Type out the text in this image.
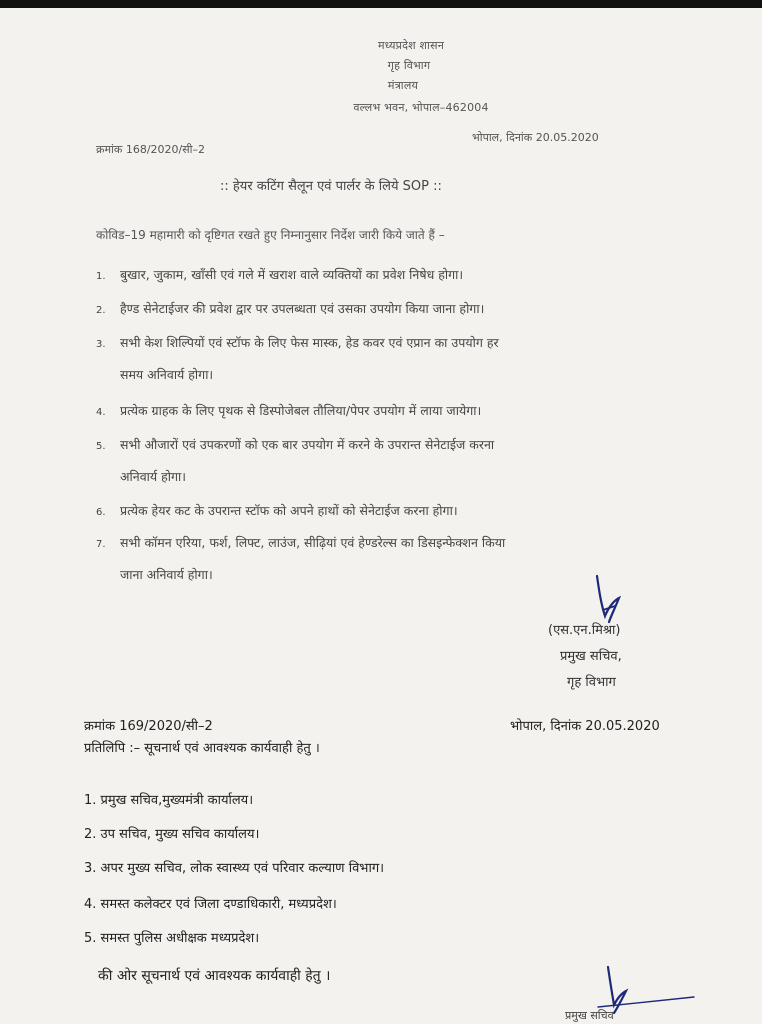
मध्यप्रदेश शासन
गृह विभाग
मंत्रालय
वल्लभ भवन, भोपाल–462004
क्रमांक 168/2020/सी–2
भोपाल, दिनांक 20.05.2020
:: हेयर कटिंग सैलून एवं पार्लर के लिये SOP ::
कोविड–19 महामारी को दृष्टिगत रखते हुए निम्नानुसार निर्देश जारी किये जाते हैं –
1. बुखार, जुकाम, खाँसी एवं गले में खराश वाले व्यक्तियों का प्रवेश निषेध होगा।
2. हैण्ड सेनेटाईजर की प्रवेश द्वार पर उपलब्धता एवं उसका उपयोग किया जाना होगा।
3. सभी केश शिल्पियों एवं स्टॉफ के लिए फेस मास्क, हेड कवर एवं एप्रान का उपयोग हर
समय अनिवार्य होगा।
4. प्रत्येक ग्राहक के लिए पृथक से डिस्पोजेबल तौलिया/पेपर उपयोग में लाया जायेगा।
5. सभी औजारों एवं उपकरणों को एक बार उपयोग में करने के उपरान्त सेनेटाईज करना
अनिवार्य होगा।
6. प्रत्येक हेयर कट के उपरान्त स्टॉफ को अपने हाथों को सेनेटाईज करना होगा।
7. सभी कॉमन एरिया, फर्श, लिफ्ट, लाउंज, सीढ़ियां एवं हेण्डरेल्स का डिसइन्फेक्शन किया
जाना अनिवार्य होगा।
(एस.एन.मिश्रा)
प्रमुख सचिव,
गृह विभाग
क्रमांक 169/2020/सी–2	भोपाल, दिनांक 20.05.2020
प्रतिलिपि :– सूचनार्थ एवं आवश्यक कार्यवाही हेतु ।
1. प्रमुख सचिव,मुख्यमंत्री कार्यालय।
2. उप सचिव, मुख्य सचिव कार्यालय।
3. अपर मुख्य सचिव, लोक स्वास्थ्य एवं परिवार कल्याण विभाग।
4. समस्त कलेक्टर एवं जिला दण्डाधिकारी, मध्यप्रदेश।
5. समस्त पुलिस अधीक्षक मध्यप्रदेश।
की ओर सूचनार्थ एवं आवश्यक कार्यवाही हेतु ।
प्रमुख सचिव
